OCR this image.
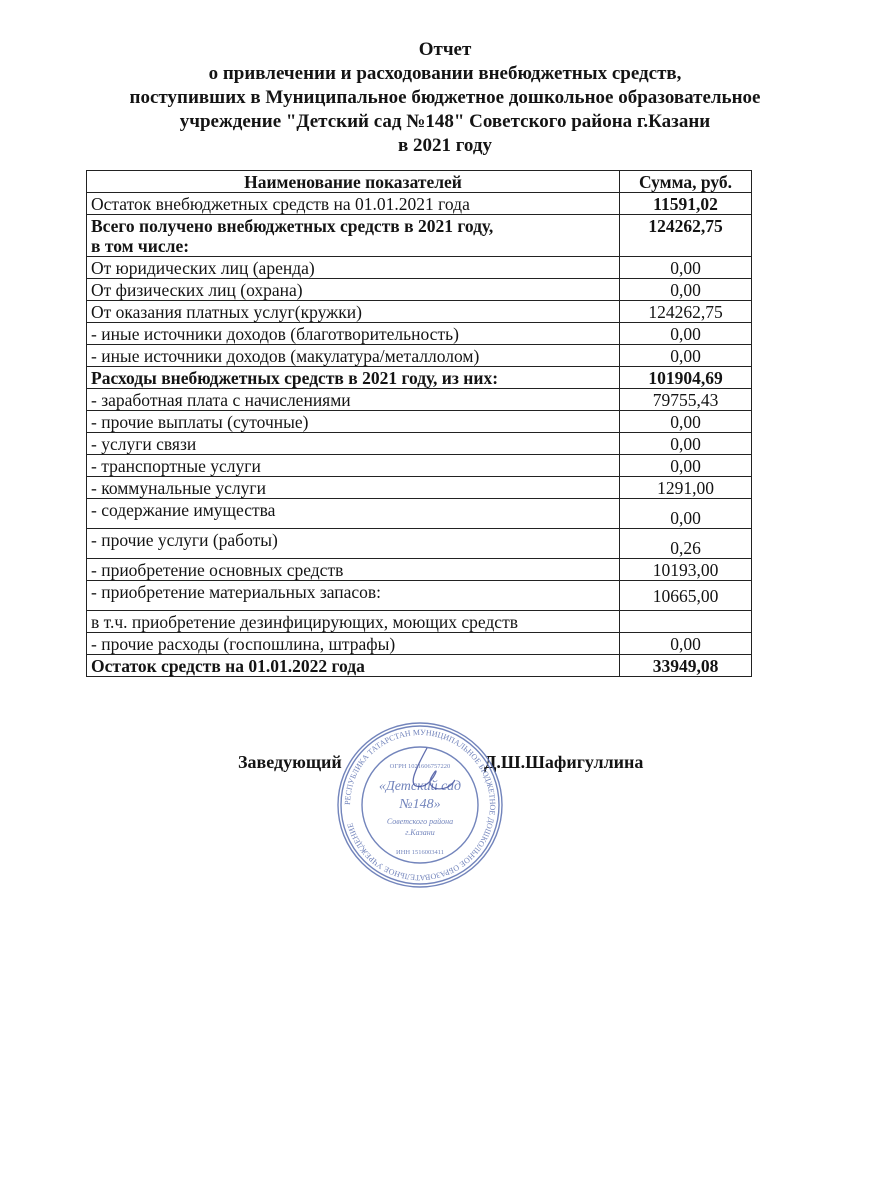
Отчет
о привлечении и расходовании внебюджетных средств,
поступивших в Муниципальное бюджетное дошкольное образовательное
учреждение "Детский сад №148" Советского района г.Казани
в 2021 году
Наименование показателей	Сумма, руб.
Остаток внебюджетных средств на 01.01.2021 года	11591,02

Всего получено внебюджетных средств в 2021 году,
в том числе:	124262,75
От юридических лиц (аренда)	0,00
От физических лиц (охрана)	0,00
От оказания платных услуг(кружки)	124262,75
- иные источники доходов (благотворительность)	0,00
- иные источники доходов (макулатура/металлолом)	0,00
Расходы внебюджетных средств в 2021 году, из них:	101904,69
- заработная плата с начислениями	79755,43
- прочие выплаты (суточные)	0,00
- услуги связи	0,00
- транспортные услуги	0,00
- коммунальные услуги	1291,00
- содержание имущества	0,00
- прочие услуги (работы)	0,26
- приобретение основных средств	10193,00
- приобретение материальных запасов:	10665,00
в т.ч. приобретение дезинфицирующих, моющих средств	
- прочие расходы (госпошлина, штрафы)	0,00
Остаток средств на 01.01.2022 года	33949,08
Заведующий	Д.Ш.Шафигуллина
РЕСПУБЛИКА ТАТАРСТАН МУНИЦИПАЛЬНОЕ БЮДЖЕТНОЕ ДОШКОЛЬНОЕ ОБРАЗОВАТЕЛЬНОЕ УЧРЕЖДЕНИЕ
ОГРН 1021606757220
«Детский сад
№148»
Советского района
г.Казани
ИНН 1516003411
